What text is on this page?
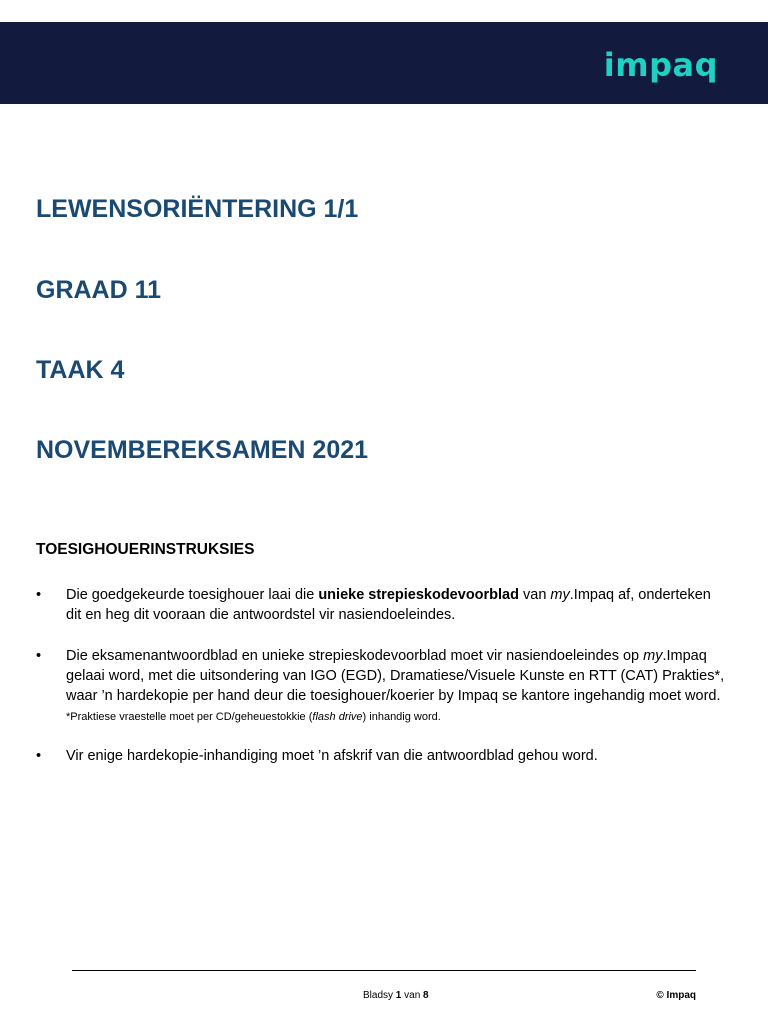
impaq
LEWENSORIËNTERING 1/1
GRAAD 11
TAAK 4
NOVEMBEREKSAMEN 2021
TOESIGHOUERINSTRUKSIES
• Die goedgekeurde toesighouer laai die unieke strepieskodevoorblad van my.Impaq af, onderteken dit en heg dit vooraan die antwoordstel vir nasiendoeleindes.
• Die eksamenantwoordblad en unieke strepieskodevoorblad moet vir nasiendoeleindes op my.Impaq gelaai word, met die uitsondering van IGO (EGD), Dramatiese/Visuele Kunste en RTT (CAT) Prakties*, waar ’n hardekopie per hand deur die toesighouer/koerier by Impaq se kantore ingehandig moet word. *Praktiese vraestelle moet per CD/geheuestokkie (flash drive) inhandig word.
• Vir enige hardekopie-inhandiging moet ’n afskrif van die antwoordblad gehou word.
Bladsy 1 van 8	© Impaq
